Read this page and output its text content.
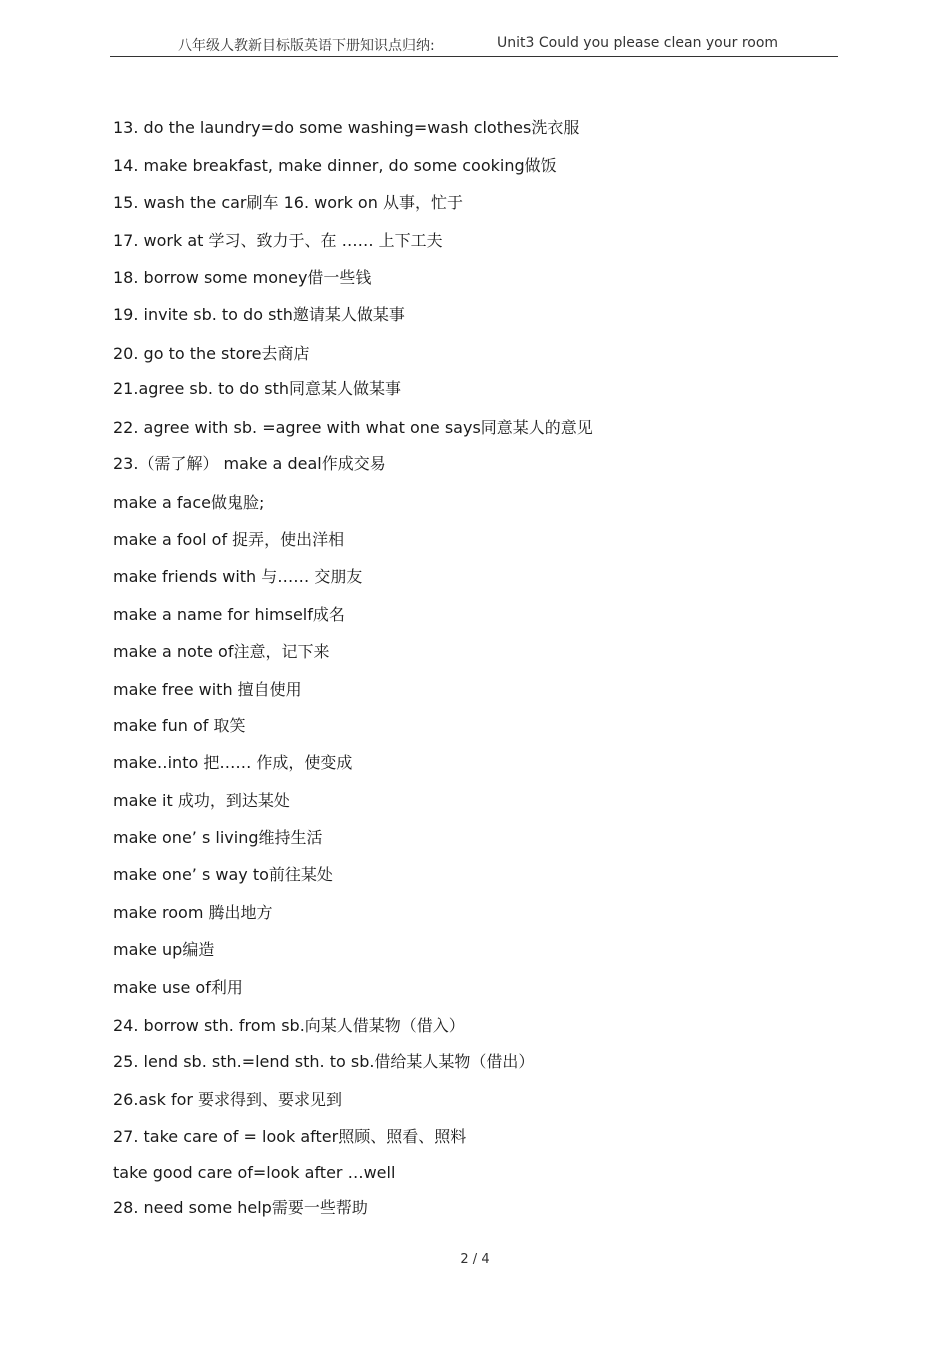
八年级人教新目标版英语下册知识点归纳:	Unit3 Could you please clean your room
13. do the laundry=do some washing=wash clothes洗衣服
14. make breakfast, make dinner, do some cooking做饭
15. wash the car刷车 16. work on 从事，忙于
17. work at 学习、致力于、在 …… 上下工夫
18. borrow some money借一些钱
19. invite sb. to do sth邀请某人做某事
20. go to the store去商店
21.agree sb. to do sth同意某人做某事
22. agree with sb. =agree with what one says同意某人的意见
23.（需了解） make a deal作成交易
make a face做鬼脸;
make a fool of 捉弄，使出洋相
make friends with 与…… 交朋友
make a name for himself成名
make a note of注意，记下来
make free with 擅自使用
make fun of 取笑
make‥into 把…… 作成，使变成
make it 成功，到达某处
make one’ s living维持生活
make one’ s way to前往某处
make room 腾出地方
make up编造
make use of利用
24. borrow sth. from sb.向某人借某物（借入）
25. lend sb. sth.=lend sth. to sb.借给某人某物（借出）
26.ask for 要求得到、要求见到
27. take care of = look after照顾、照看、照料
take good care of=look after …well
28. need some help需要一些帮助
2 / 4
